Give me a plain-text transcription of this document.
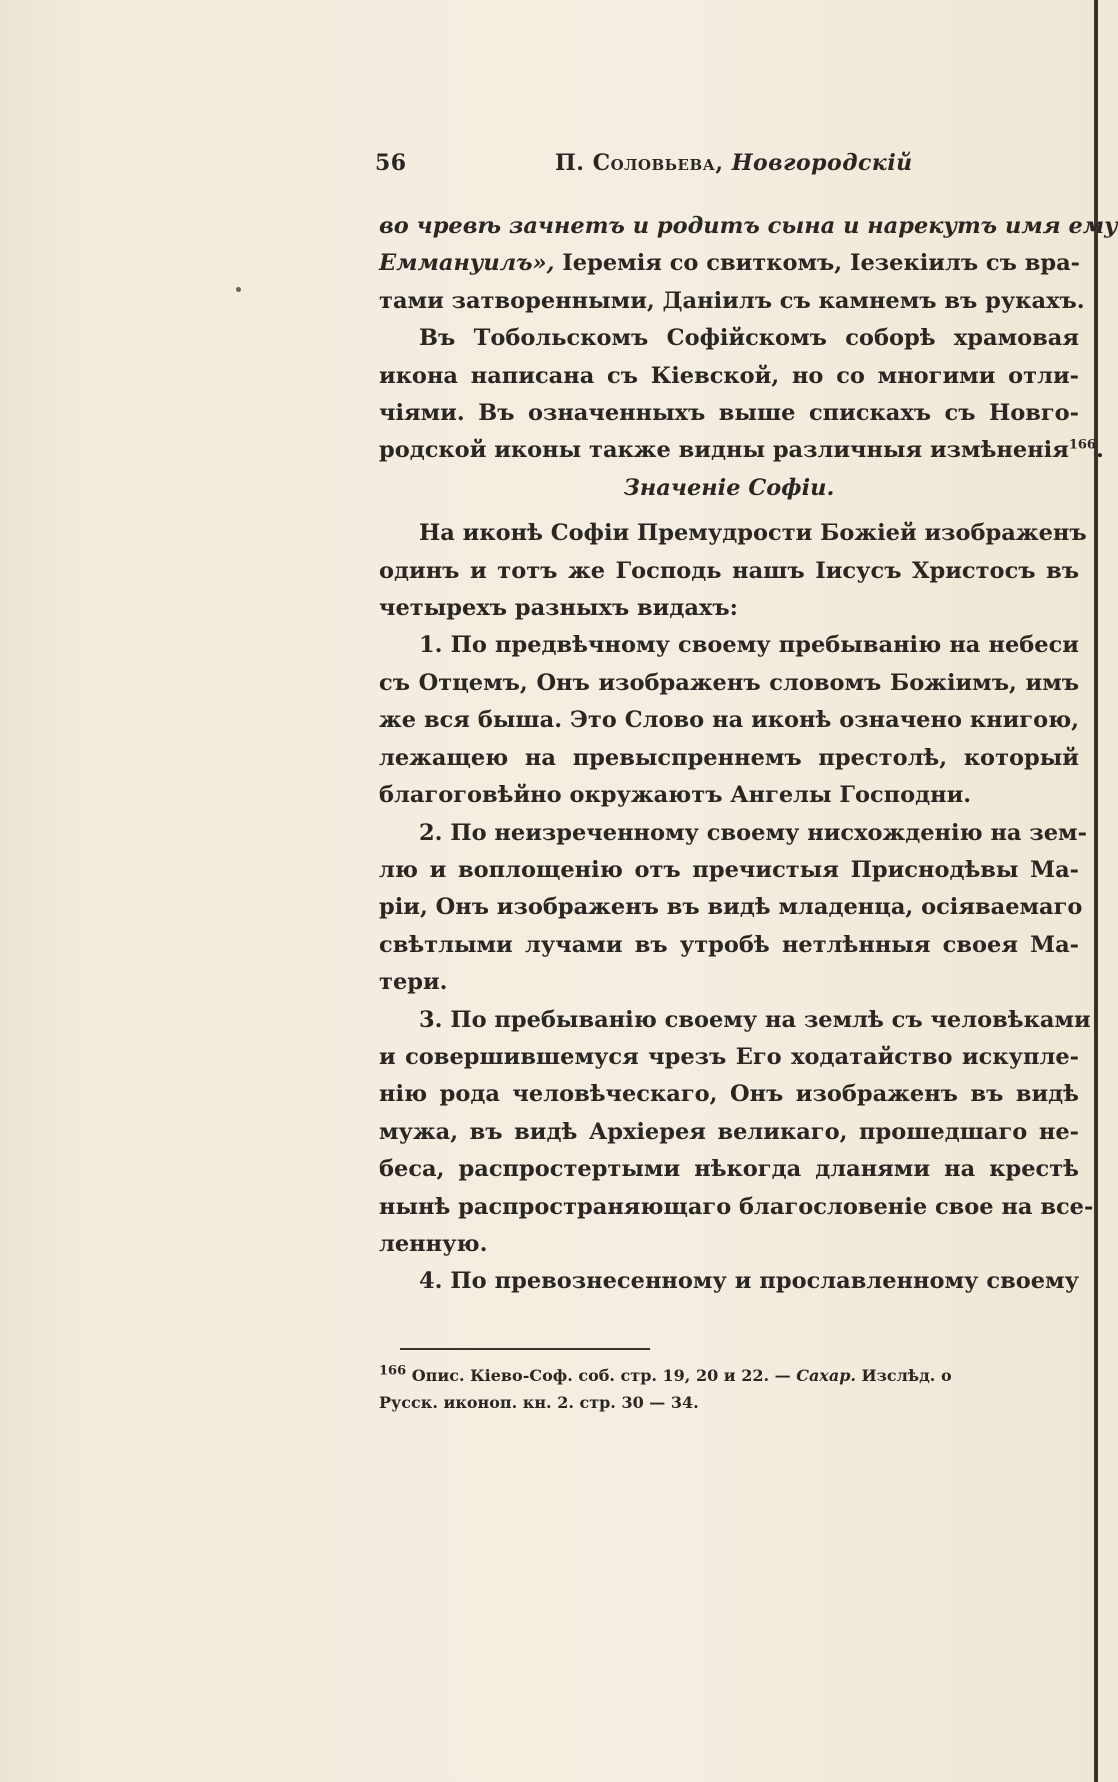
56	П. Соловьева, Новгородскiй
во чревѣ зачнетъ и родитъ сына и нарекутъ имя ему
Еммануилъ», Іеремія со свиткомъ, Іезекіилъ съ вра-
тами затворенными, Даніилъ съ камнемъ въ рукахъ.
Въ Тобольскомъ Софійскомъ соборѣ храмовая
икона написана съ Кіевской, но со многими отли-
чіями. Въ означенныхъ выше спискахъ съ Новго-
родской иконы также видны различныя измѣненія$^{166}$.
Значеніе Софіи.
На иконѣ Софіи Премудрости Божіей изображенъ
одинъ и тотъ же Господь нашъ Іисусъ Христосъ въ
четырехъ разныхъ видахъ:
1. По предвѣчному своему пребыванію на небеси
съ Отцемъ, Онъ изображенъ словомъ Божіимъ, имъ
же вся быша. Это Слово на иконѣ означено книгою,
лежащею на превыспреннемъ престолѣ, который
благоговѣйно окружаютъ Ангелы Господни.
2. По неизреченному своему нисхожденію на зем-
лю и воплощенію отъ пречистыя Приснодѣвы Ма-
ріи, Онъ изображенъ въ видѣ младенца, осіяваемаго
свѣтлыми лучами въ утробѣ нетлѣнныя своея Ма-
тери.
3. По пребыванію своему на землѣ съ человѣками
и совершившемуся чрезъ Его ходатайство искупле-
нію рода человѣческаго, Онъ изображенъ въ видѣ
мужа, въ видѣ Архіерея великаго, прошедшаго не-
беса, распростертыми нѣкогда дланями на крестѣ
нынѣ распространяющаго благословеніе свое на все-
ленную.
4. По превознесенному и прославленному своему
$^{166}$ Опис. Кіево-Соф. соб. стр. 19, 20 и 22. — Сахар. Изслѣд. о
Русск. иконоп. кн. 2. стр. 30 — 34.
